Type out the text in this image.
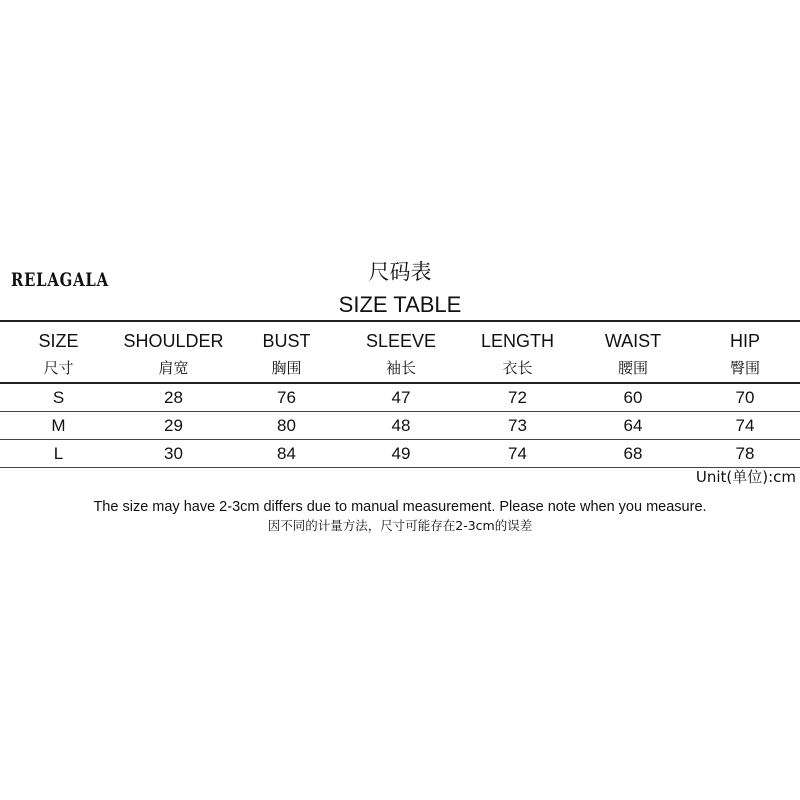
RELAGALA	尺码表
SIZE TABLE
SIZE	SHOULDER	BUST	SLEEVE	LENGTH	WAIST	HIP
尺寸	肩宽	胸围	袖长	衣长	腰围	臀围
S	28	76	47	72	60	70
M	29	80	48	73	64	74
L	30	84	49	74	68	78
Unit(单位):cm
The size may have 2-3cm differs due to manual measurement. Please note when you measure.
因不同的计量方法，尺寸可能存在2-3cm的误差
